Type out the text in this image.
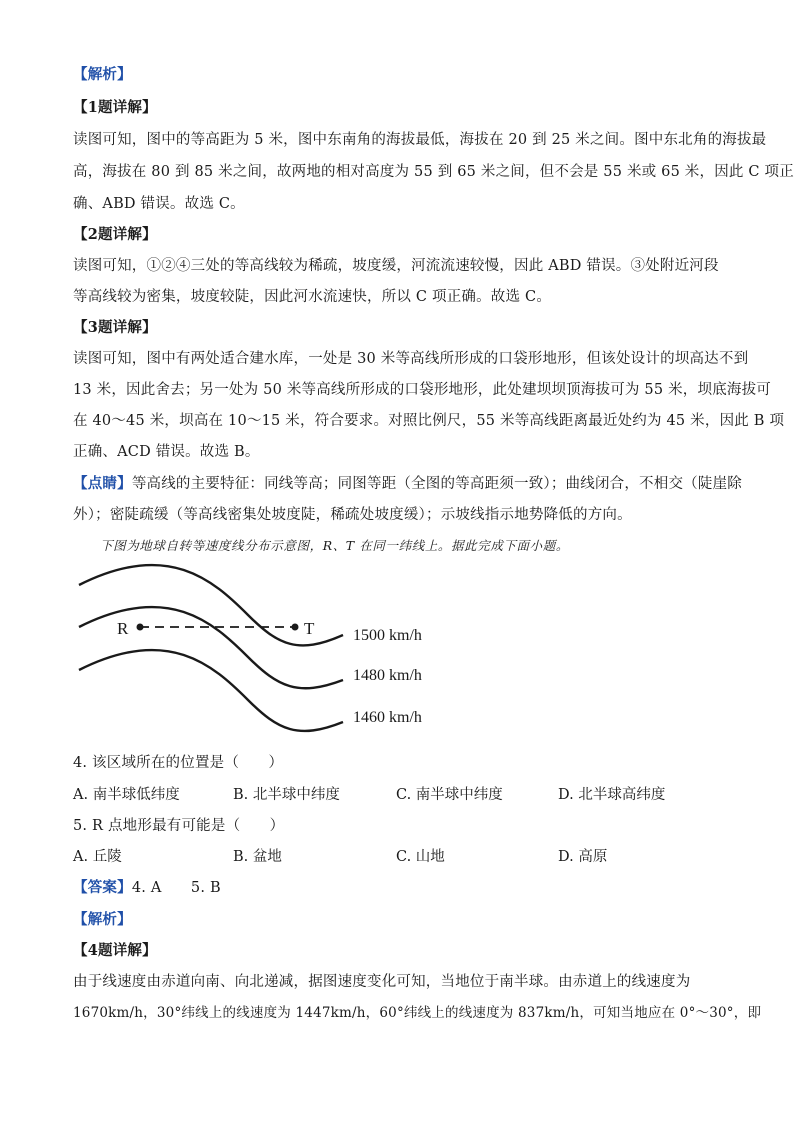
【解析】
【1题详解】
读图可知，图中的等高距为 5 米，图中东南角的海拔最低，海拔在 20 到 25 米之间。图中东北角的海拔最
高，海拔在 80 到 85 米之间，故两地的相对高度为 55 到 65 米之间，但不会是 55 米或 65 米，因此 C 项正
确、ABD 错误。故选 C。
【2题详解】
读图可知，①②④三处的等高线较为稀疏，坡度缓，河流流速较慢，因此 ABD 错误。③处附近河段
等高线较为密集，坡度较陡，因此河水流速快，所以 C 项正确。故选 C。
【3题详解】
读图可知，图中有两处适合建水库，一处是 30 米等高线所形成的口袋形地形，但该处设计的坝高达不到
13 米，因此舍去；另一处为 50 米等高线所形成的口袋形地形，此处建坝坝顶海拔可为 55 米，坝底海拔可
在 40～45 米，坝高在 10～15 米，符合要求。对照比例尺，55 米等高线距离最近处约为 45 米，因此 B 项
正确、ACD 错误。故选 B。
【点睛】等高线的主要特征：同线等高；同图等距（全图的等高距须一致）；曲线闭合，不相交（陡崖除
外）；密陡疏缓（等高线密集处坡度陡，稀疏处坡度缓）；示坡线指示地势降低的方向。
下图为地球自转等速度线分布示意图，R、T 在同一纬线上。据此完成下面小题。
R	T 1500 km/h
1480 km/h
1460 km/h
4. 该区域所在的位置是（　　）
A. 南半球低纬度	B. 北半球中纬度	C. 南半球中纬度	D. 北半球高纬度
5. R 点地形最有可能是（　　）
A. 丘陵	B. 盆地	C. 山地	D. 高原
【答案】4. A　　5. B
【解析】
【4题详解】
由于线速度由赤道向南、向北递减，据图速度变化可知，当地位于南半球。由赤道上的线速度为
1670km/h，30°纬线上的线速度为 1447km/h，60°纬线上的线速度为 837km/h，可知当地应在 0°～30°，即
